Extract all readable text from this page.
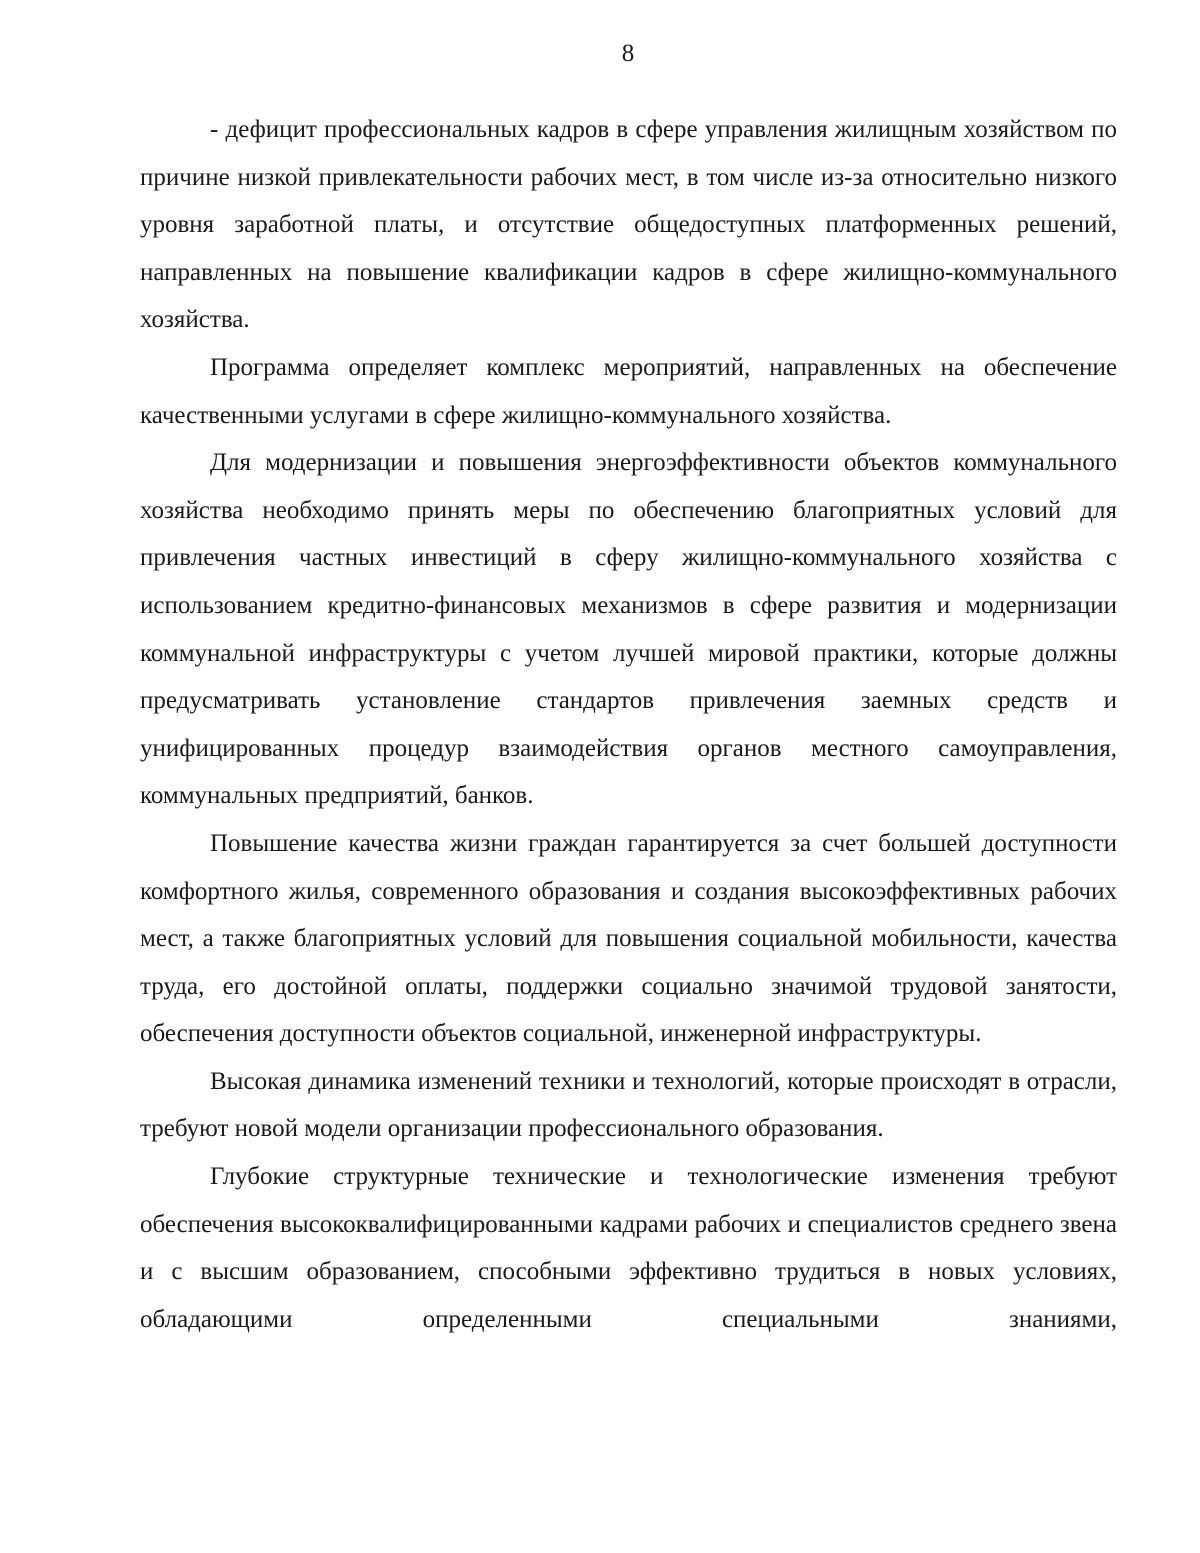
8

- дефицит профессиональных кадров в сфере управления жилищным хозяйством по причине низкой привлекательности рабочих мест, в том числе из-за относительно низкого уровня заработной платы, и отсутствие общедоступных платформенных решений, направленных на повышение квалификации кадров в сфере жилищно-коммунального хозяйства.

Программа определяет комплекс мероприятий, направленных на обеспечение качественными услугами в сфере жилищно-коммунального хозяйства.

Для модернизации и повышения энергоэффективности объектов коммунального хозяйства необходимо принять меры по обеспечению благоприятных условий для привлечения частных инвестиций в сферу жилищно-коммунального хозяйства с использованием кредитно-финансовых механизмов в сфере развития и модернизации коммунальной инфраструктуры с учетом лучшей мировой практики, которые должны предусматривать установление стандартов привлечения заемных средств и унифицированных процедур взаимодействия органов местного самоуправления, коммунальных предприятий, банков.

Повышение качества жизни граждан гарантируется за счет большей доступности комфортного жилья, современного образования и создания высокоэффективных рабочих мест, а также благоприятных условий для повышения социальной мобильности, качества труда, его достойной оплаты, поддержки социально значимой трудовой занятости, обеспечения доступности объектов социальной, инженерной инфраструктуры.

Высокая динамика изменений техники и технологий, которые происходят в отрасли, требуют новой модели организации профессионального образования.

Глубокие структурные технические и технологические изменения требуют обеспечения высококвалифицированными кадрами рабочих и специалистов среднего звена и с высшим образованием, способными эффективно трудиться в новых условиях, обладающими определенными специальными знаниями,
